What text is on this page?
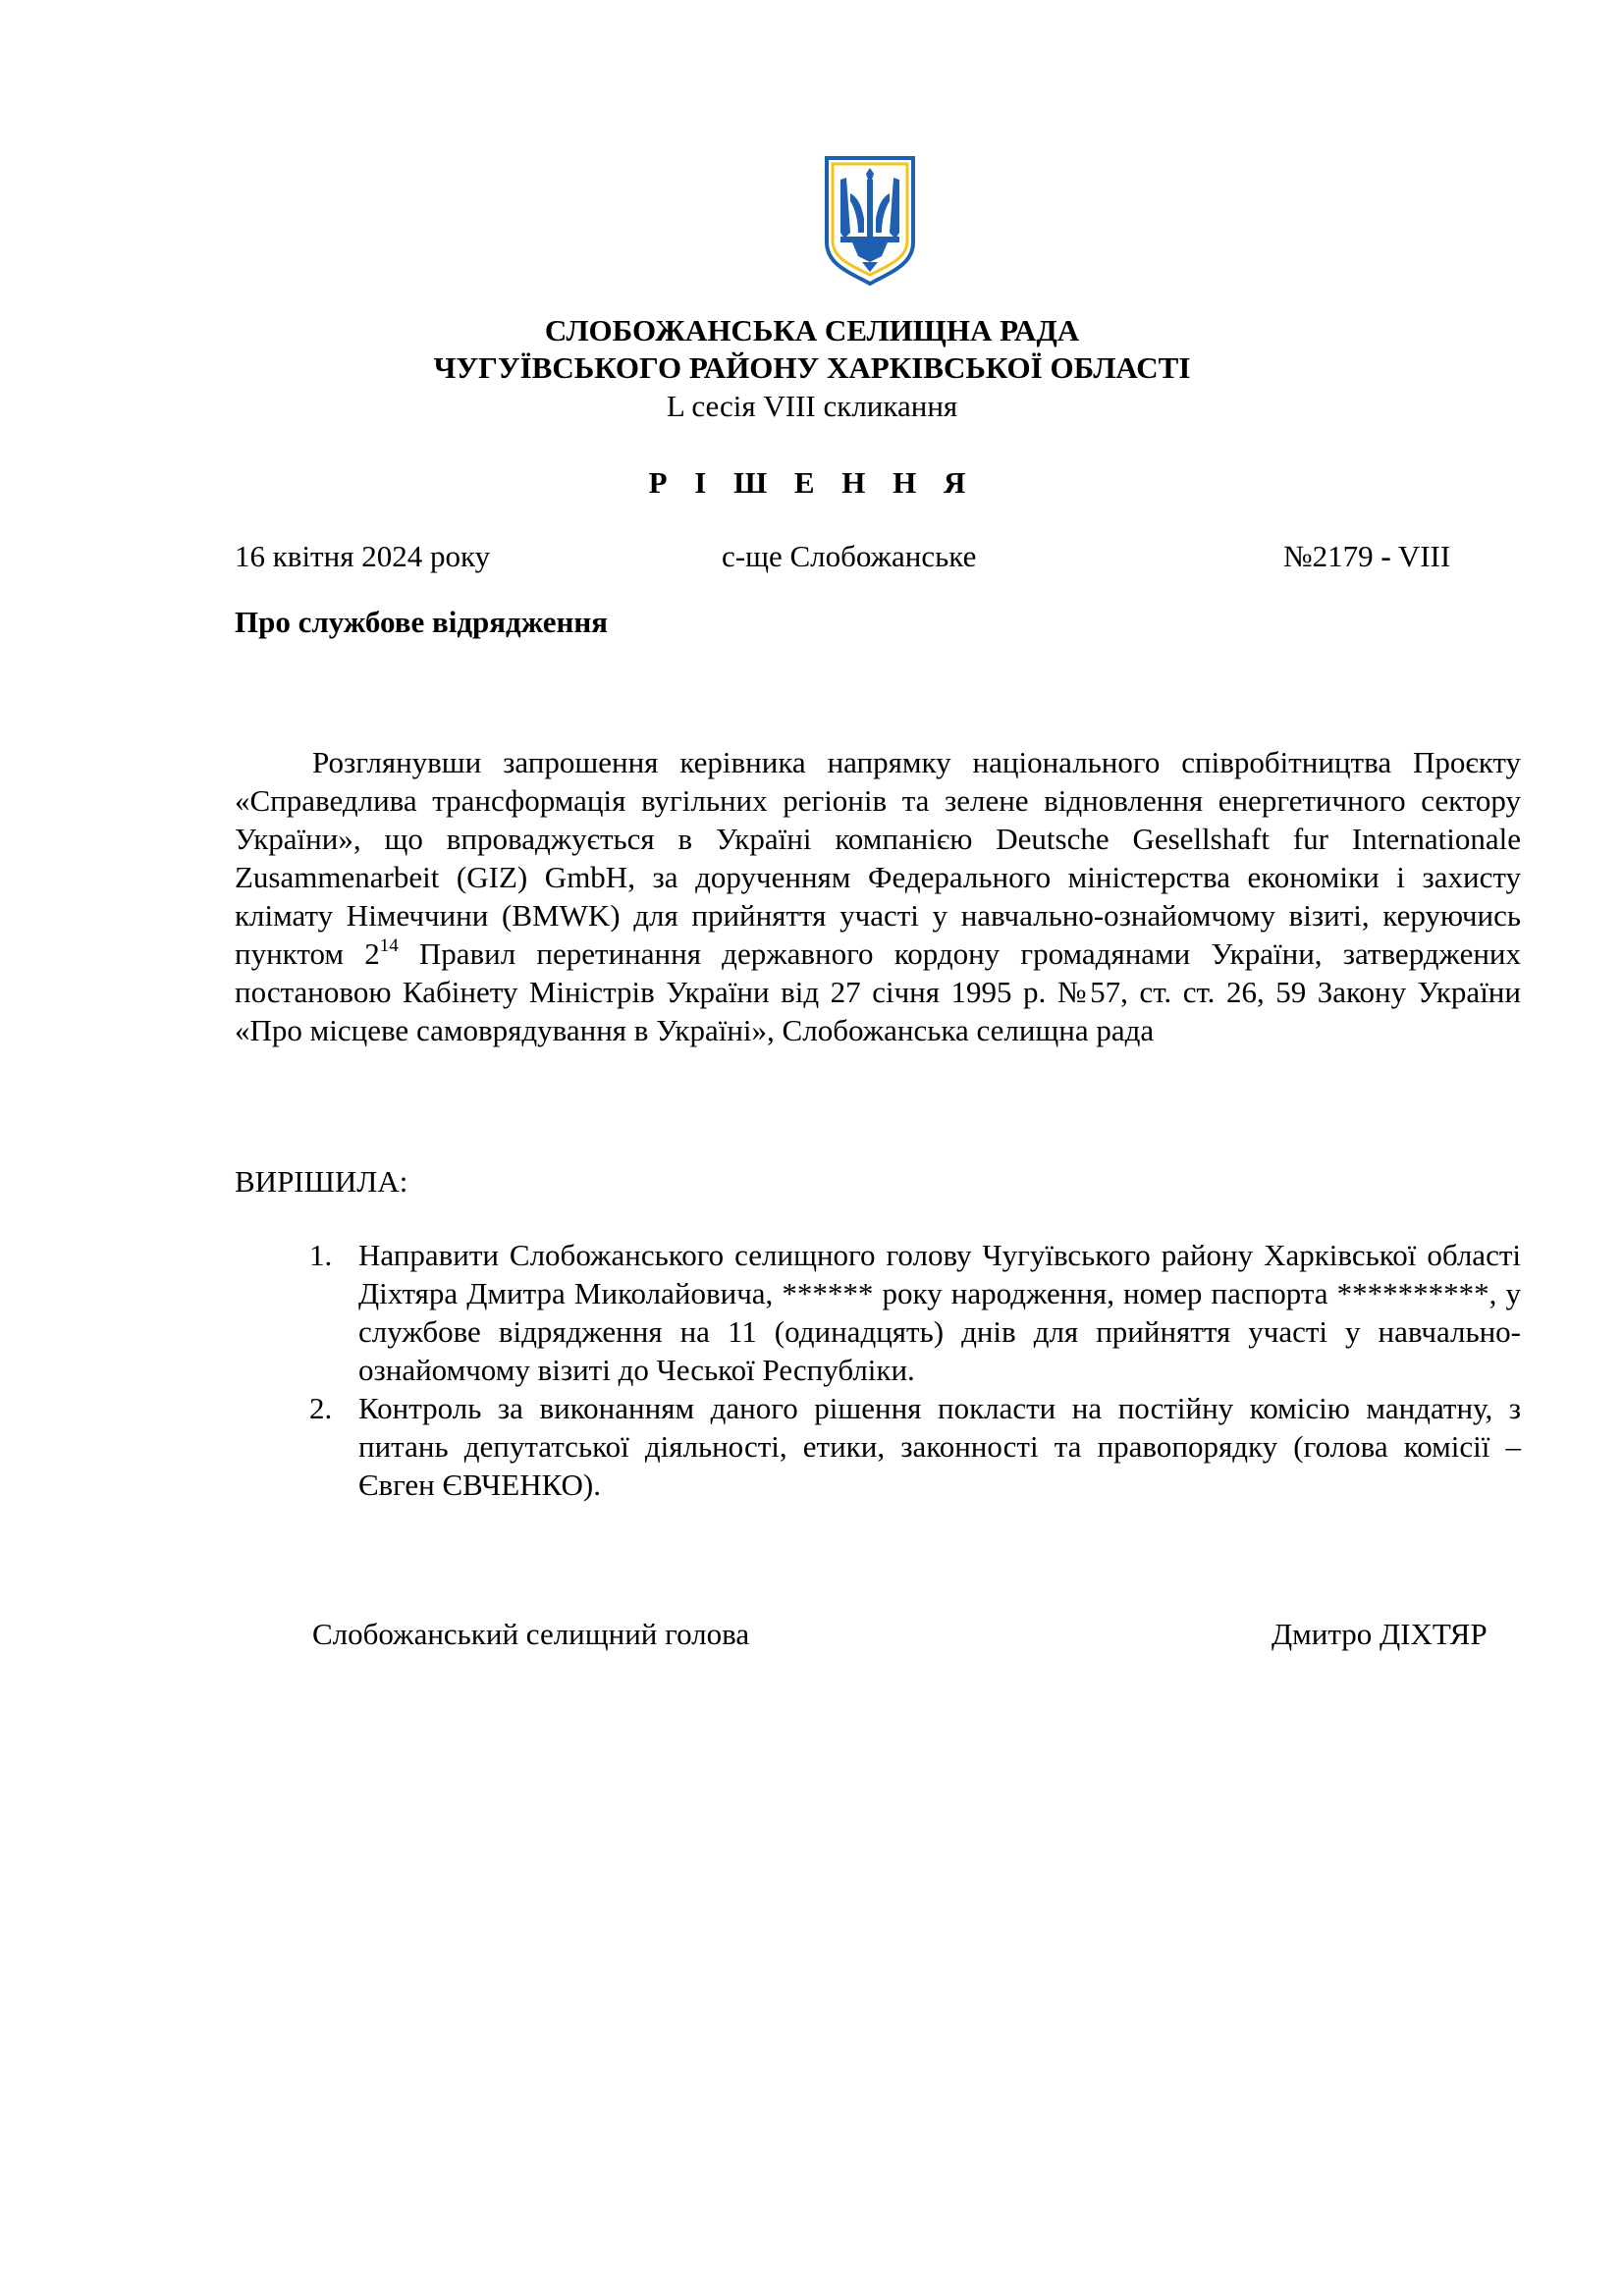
СЛОБОЖАНСЬКА СЕЛИЩНА РАДА
ЧУГУЇВСЬКОГО РАЙОНУ ХАРКІВСЬКОЇ ОБЛАСТІ
L сесія VIII скликання
Р І Ш Е Н Н Я
16 квітня 2024 року	с-ще Слобожанське	№2179 - VIII
Про службове відрядження

Розглянувши запрошення керівника напрямку національного співробітництва Проєкту «Справедлива трансформація вугільних регіонів та зелене відновлення енергетичного сектору України», що впроваджується в Україні компанією Deutsche Gesellshaft fur Internationale Zusammenarbeit (GIZ) GmbH, за дорученням Федерального міністерства економіки і захисту клімату Німеччини (BMWK) для прийняття участі у навчально-ознайомчому візиті, керуючись пунктом $2^{14}$ Правил перетинання державного кордону громадянами України, затверджених постановою Кабінету Міністрів України від 27 січня 1995 р. №57, ст. ст. 26, 59 Закону України «Про місцеве самоврядування в Україні», Слобожанська селищна рада

ВИРІШИЛА:
1. Направити Слобожанського селищного голову Чугуївського району Харківської області Діхтяра Дмитра Миколайовича, ****** року народження, номер паспорта **********, у службове відрядження на 11 (одинадцять) днів для прийняття участі у навчально-ознайомчому візиті до Чеської Республіки.
2. Контроль за виконанням даного рішення покласти на постійну комісію мандатну, з питань депутатської діяльності, етики, законності та правопорядку (голова комісії – Євген ЄВЧЕНКО).
Слобожанський селищний голова	Дмитро ДІХТЯР
